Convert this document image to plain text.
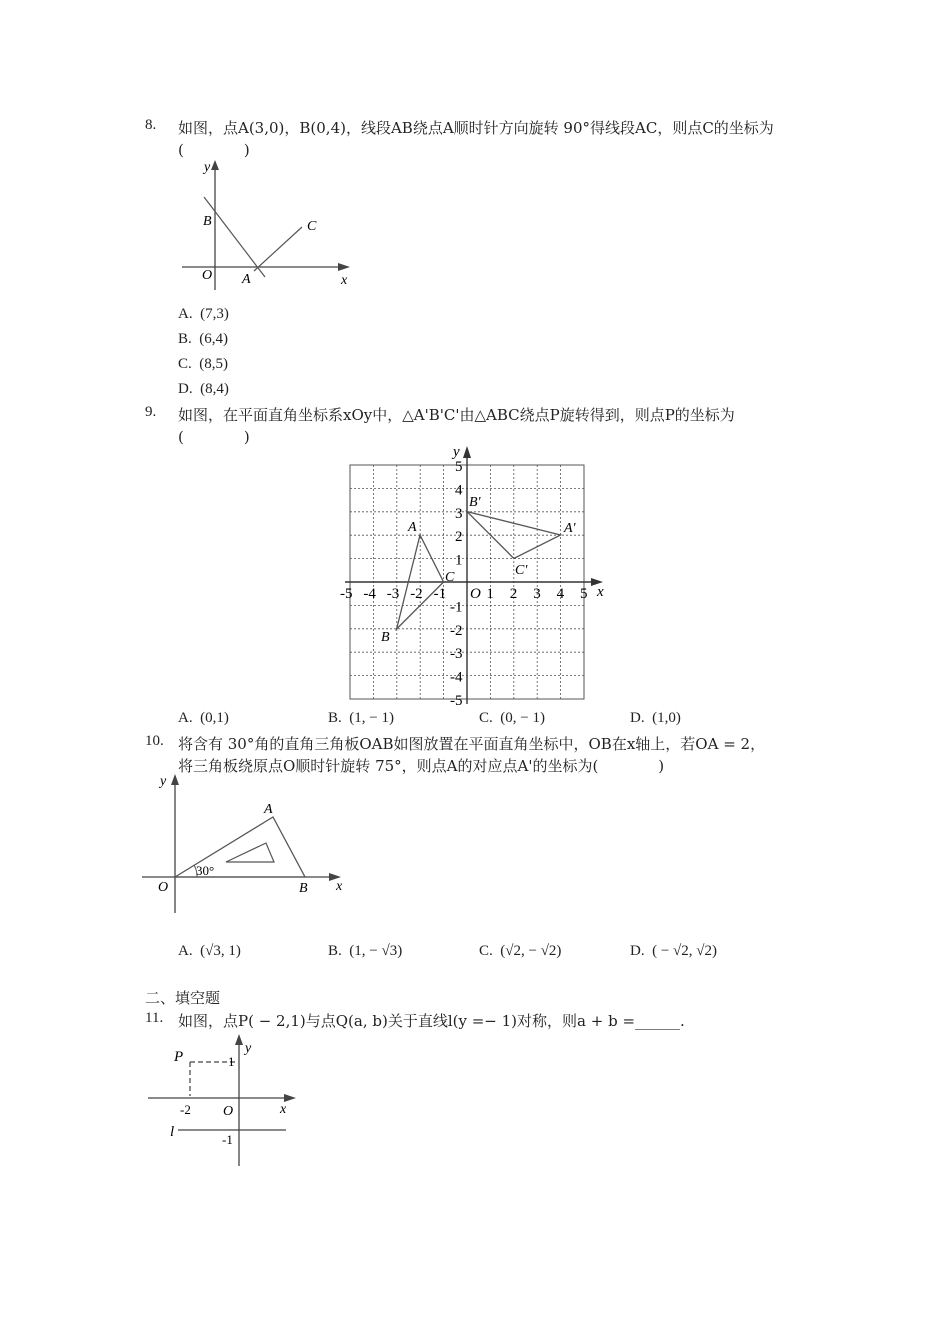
8. 如图，点A(3,0)，B(0,4)，线段AB绕点A顺时针方向旋转 90°得线段AC，则点C的坐标为
(　　　　)
y
B	C
O A	x
A. (7,3)
B. (6,4)
C. (8,5)
D. (8,4)
9. 如图，在平面直角坐标系xOy中，△A'B'C'由△ABC绕点P旋转得到，则点P的坐标为
(　　　　)
-5 -4 -3 -2 -1	1 2 3 4 5
5
4
3
2
1
-1
-2
-3
-4
-5
y
x
O
A
B
C
A'
B'
C'
A. (0,1)	B. (1, − 1)	C. (0, − 1)	D. (1,0)
10. 将含有 30°角的直角三角板OAB如图放置在平面直角坐标中，OB在x轴上，若OA = 2，
将三角板绕原点O顺时针旋转 75°，则点A的对应点A'的坐标为(　　　　)
y
A
30°
O	B x
A. (√3, 1)	B. (1, − √3)	C. (√2, − √2)	D. ( − √2, √2)
二、填空题
11. 如图，点P( − 2,1)与点Q(a, b)关于直线l(y =− 1)对称，则a + b =______.
P	1
y
-2 O	x
l	-1
